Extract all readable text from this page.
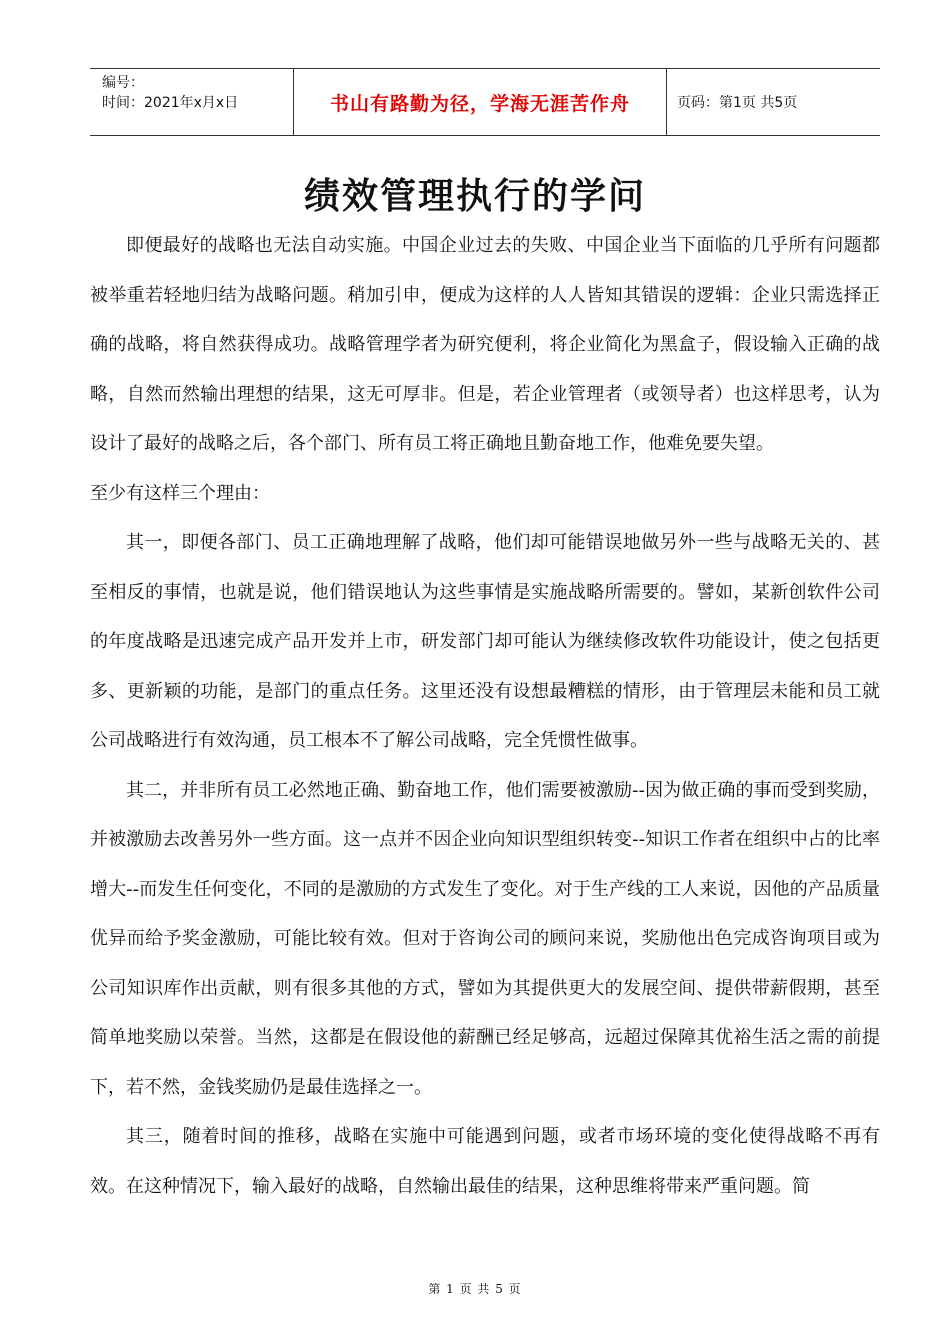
编号：
时间：2021年x月x日	书山有路勤为径，学海无涯苦作舟	页码：第1页 共5页
绩效管理执行的学问

即便最好的战略也无法自动实施。中国企业过去的失败、中国企业当下面临的几乎所有问题都被举重若轻地归结为战略问题。稍加引申，便成为这样的人人皆知其错误的逻辑：企业只需选择正确的战略，将自然获得成功。战略管理学者为研究便利，将企业简化为黑盒子，假设输入正确的战略，自然而然输出理想的结果，这无可厚非。但是，若企业管理者（或领导者）也这样思考，认为设计了最好的战略之后，各个部门、所有员工将正确地且勤奋地工作，他难免要失望。

至少有这样三个理由：

其一，即便各部门、员工正确地理解了战略，他们却可能错误地做另外一些与战略无关的、甚至相反的事情，也就是说，他们错误地认为这些事情是实施战略所需要的。譬如，某新创软件公司的年度战略是迅速完成产品开发并上市，研发部门却可能认为继续修改软件功能设计，使之包括更多、更新颖的功能，是部门的重点任务。这里还没有设想最糟糕的情形，由于管理层未能和员工就公司战略进行有效沟通，员工根本不了解公司战略，完全凭惯性做事。

其二，并非所有员工必然地正确、勤奋地工作，他们需要被激励--因为做正确的事而受到奖励，并被激励去改善另外一些方面。这一点并不因企业向知识型组织转变--知识工作者在组织中占的比率增大--而发生任何变化，不同的是激励的方式发生了变化。对于生产线的工人来说，因他的产品质量优异而给予奖金激励，可能比较有效。但对于咨询公司的顾问来说，奖励他出色完成咨询项目或为公司知识库作出贡献，则有很多其他的方式，譬如为其提供更大的发展空间、提供带薪假期，甚至简单地奖励以荣誉。当然，这都是在假设他的薪酬已经足够高，远超过保障其优裕生活之需的前提下，若不然，金钱奖励仍是最佳选择之一。

其三，随着时间的推移，战略在实施中可能遇到问题，或者市场环境的变化使得战略不再有效。在这种情况下，输入最好的战略，自然输出最佳的结果，这种思维将带来严重问题。简

第 1 页 共 5 页
